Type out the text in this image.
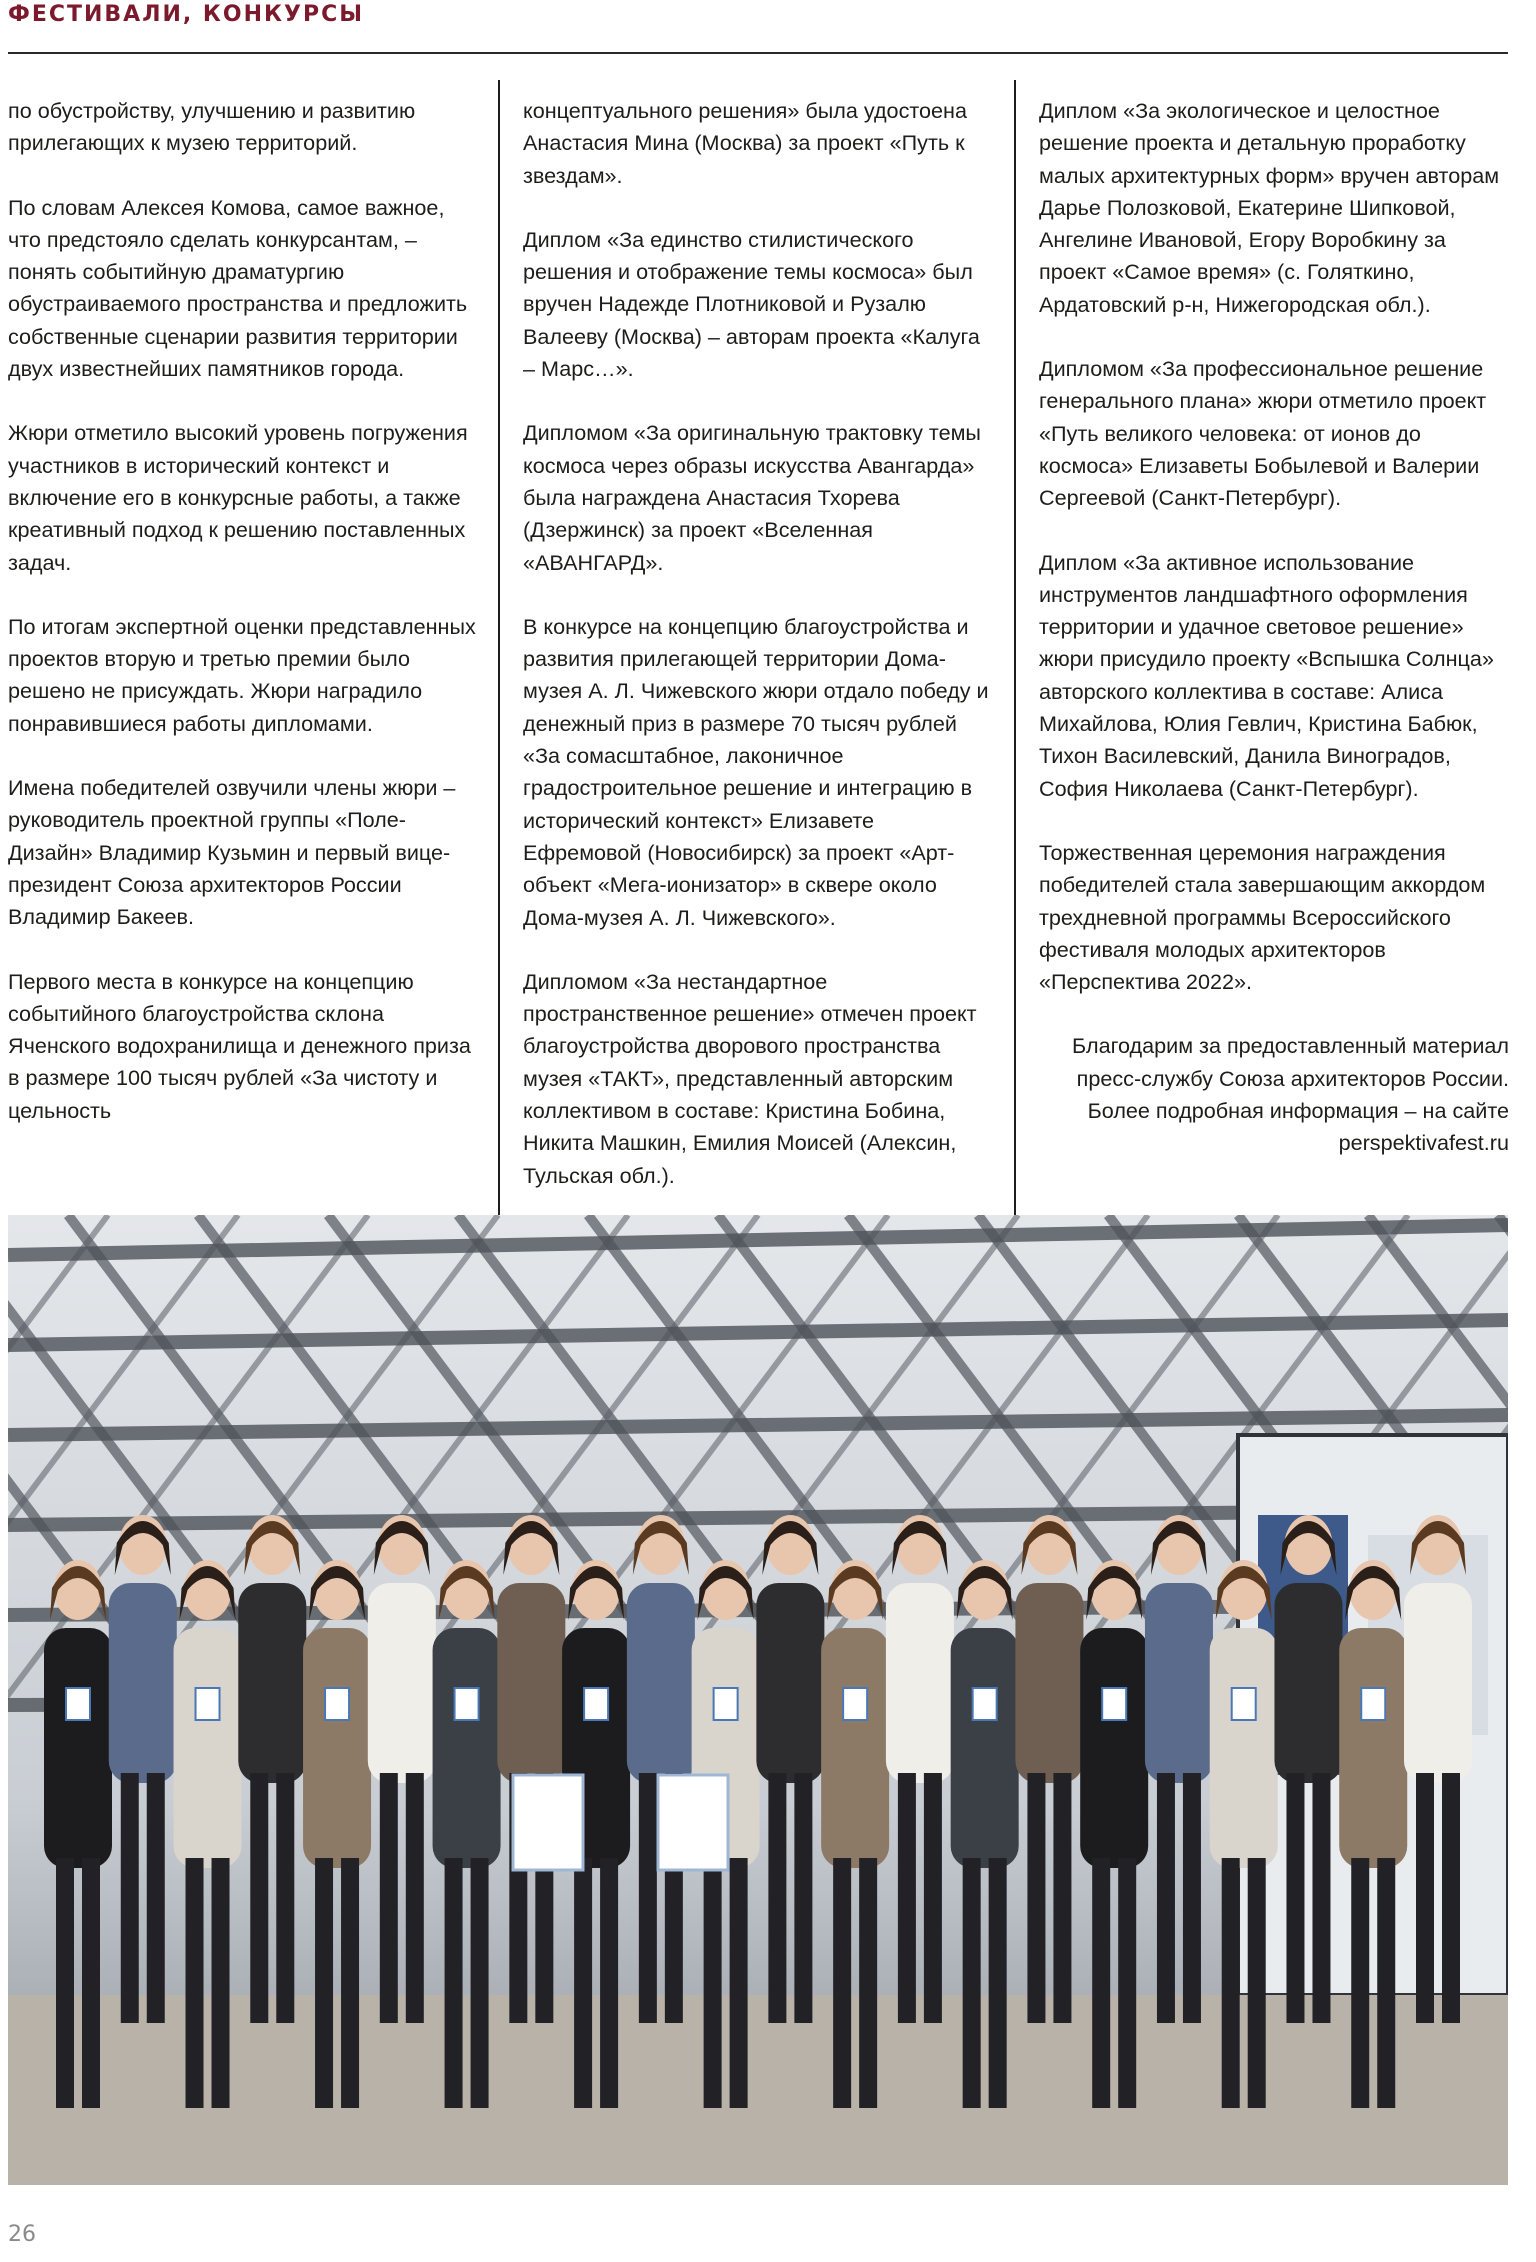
ФЕСТИВАЛИ, КОНКУРСЫ

по обустройству, улучшению и развитию прилегающих к музею территорий.

По словам Алексея Комова, самое важное, что предстояло сделать конкурсантам, – понять событийную драматургию обустраиваемого пространства и предложить собственные сценарии развития территории двух известнейших памятников города.

Жюри отметило высокий уровень погружения участников в исторический контекст и включение его в конкурсные работы, а также креативный подход к решению поставленных задач.

По итогам экспертной оценки представленных проектов вторую и третью премии было решено не присуждать. Жюри наградило понравившиеся работы дипломами.

Имена победителей озвучили члены жюри – руководитель проектной группы «Поле-Дизайн» Владимир Кузьмин и первый вице-президент Союза архитекторов России Владимир Бакеев.

Первого места в конкурсе на концепцию событийного благоустройства склона Яченского водохранилища и денежного приза в размере 100 тысяч рублей «За чистоту и цельность

концептуального решения» была удостоена Анастасия Мина (Москва) за проект «Путь к звездам».

Диплом «За единство стилистического решения и отображение темы космоса» был вручен Надежде Плотниковой и Рузалю Валееву (Москва) – авторам проекта «Калуга – Марс…».

Дипломом «За оригинальную трактовку темы космоса через образы искусства Авангарда» была награждена Анастасия Тхорева (Дзержинск) за проект «Вселенная «АВАНГАРД».

В конкурсе на концепцию благоустройства и развития прилегающей территории Дома-музея А. Л. Чижевского жюри отдало победу и денежный приз в размере 70 тысяч рублей «За сомасштабное, лаконичное градостроительное решение и интеграцию в исторический контекст» Елизавете Ефремовой (Новосибирск) за проект «Арт-объект «Мега-ионизатор» в сквере около Дома-музея А. Л. Чижевского».

Дипломом «За нестандартное пространственное решение» отмечен проект благоустройства дворового пространства музея «ТАКТ», представленный авторским коллективом в составе: Кристина Бобина, Никита Машкин, Емилия Моисей (Алексин, Тульская обл.).

Диплом «За экологическое и целостное решение проекта и детальную проработку малых архитектурных форм» вручен авторам Дарье Полозковой, Екатерине Шипковой, Ангелине Ивановой, Егору Воробкину за проект «Самое время» (с. Голяткино, Ардатовский р-н, Нижегородская обл.).

Дипломом «За профессиональное решение генерального плана» жюри отметило проект «Путь великого человека: от ионов до космоса» Елизаветы Бобылевой и Валерии Сергеевой (Санкт-Петербург).

Диплом «За активное использование инструментов ландшафтного оформления территории и удачное световое решение» жюри присудило проекту «Вспышка Солнца» авторского коллектива в составе: Алиса Михайлова, Юлия Гевлич, Кристина Бабюк, Тихон Василевский, Данила Виноградов, София Николаева (Санкт-Петербург).

Торжественная церемония награждения победителей стала завершающим аккордом трехдневной программы Всероссийского фестиваля молодых архитекторов «Перспектива 2022».

Благодарим за предоставленный материал пресс-службу Союза архитекторов России. Более подробная информация – на сайте perspektivafest.ru

26
